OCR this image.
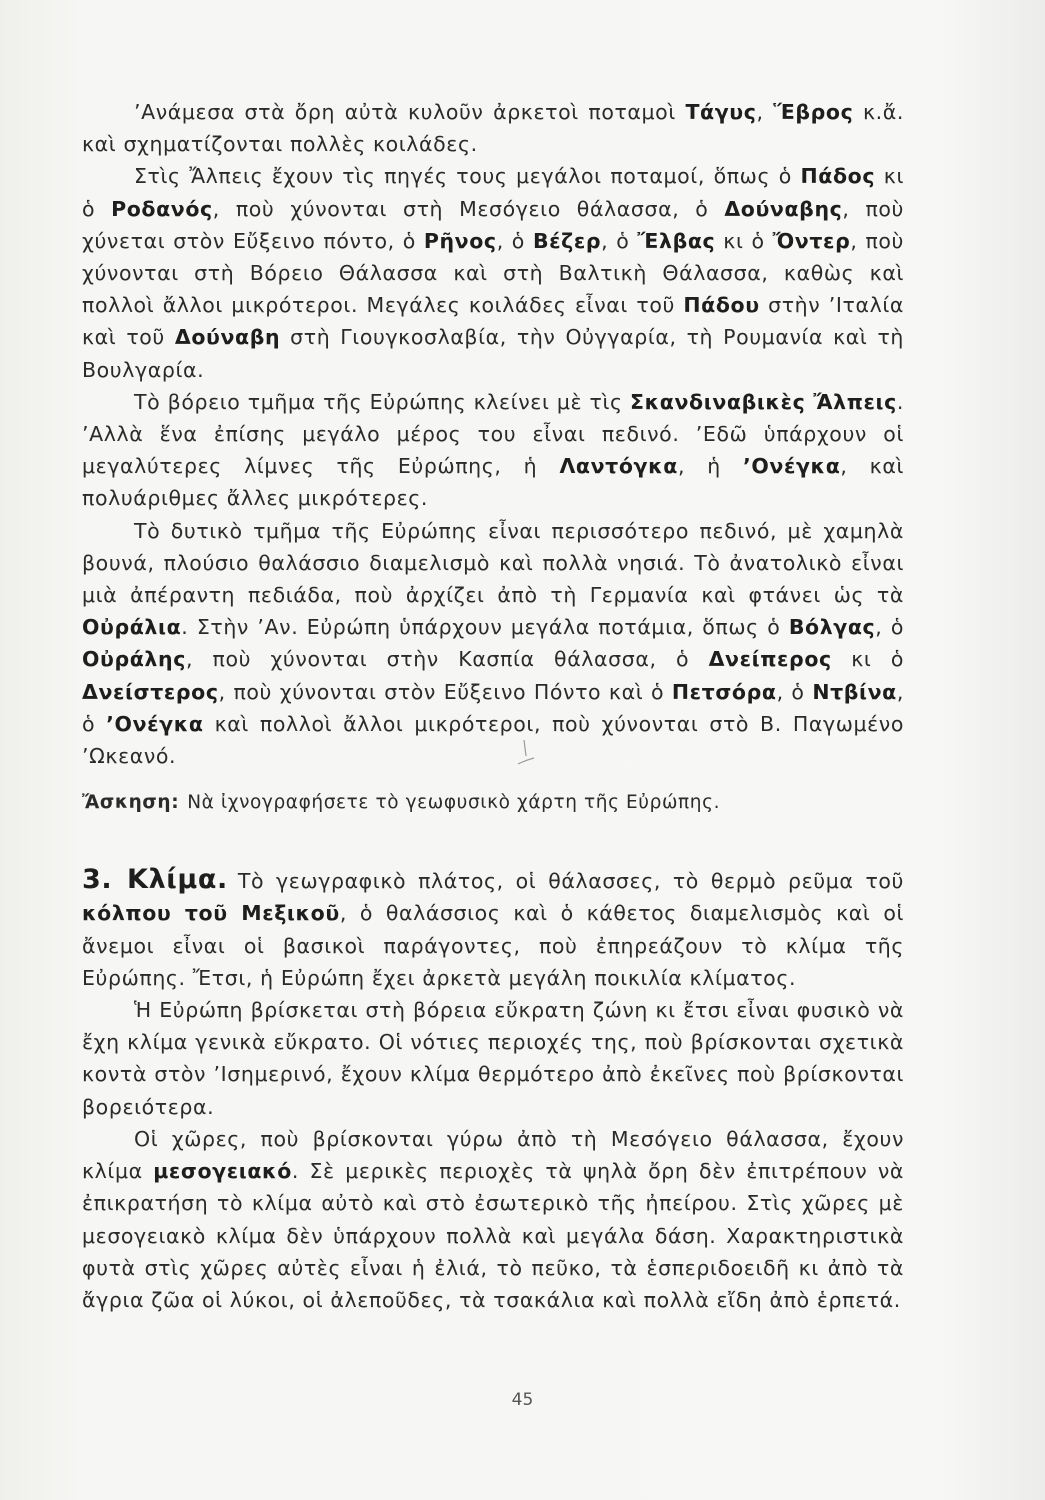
’Ανάμεσα στὰ ὄρη αὐτὰ κυλοῦν ἀρκετοὶ ποταμοὶ Τάγυς, Ἕβρος κ.ἄ. καὶ σχηματίζονται πολλὲς κοιλάδες.

Στὶς Ἄλπεις ἔχουν τὶς πηγές τους μεγάλοι ποταμοί, ὅπως ὁ Πάδος κι ὁ Ροδανός, ποὺ χύνονται στὴ Μεσόγειο θάλασσα, ὁ Δούναβης, ποὺ χύνεται στὸν Εὔξεινο πόντο, ὁ Ρῆνος, ὁ Βέζερ, ὁ Ἔλβας κι ὁ Ὄντερ, ποὺ χύνονται στὴ Βόρειο Θάλασσα καὶ στὴ Βαλτικὴ Θάλασσα, καθὼς καὶ πολλοὶ ἄλλοι μικρότεροι. Μεγάλες κοιλάδες εἶναι τοῦ Πάδου στὴν ’Ιταλία καὶ τοῦ Δούναβη στὴ Γιουγκοσλαβία, τὴν Οὐγγαρία, τὴ Ρουμανία καὶ τὴ Βουλγαρία.

Τὸ βόρειο τμῆμα τῆς Εὐρώπης κλείνει μὲ τὶς Σκανδιναβικὲς Ἄλπεις. ’Αλλὰ ἕνα ἐπίσης μεγάλο μέρος του εἶναι πεδινό. ’Εδῶ ὑπάρχουν οἱ μεγαλύτερες λίμνες τῆς Εὐρώπης, ἡ Λαντόγκα, ἡ ’Ονέγκα, καὶ πολυάριθμες ἄλλες μικρότερες.

Τὸ δυτικὸ τμῆμα τῆς Εὐρώπης εἶναι περισσότερο πεδινό, μὲ χαμηλὰ βουνά, πλούσιο θαλάσσιο διαμελισμὸ καὶ πολλὰ νησιά. Τὸ ἀνατολικὸ εἶναι μιὰ ἀπέραντη πεδιάδα, ποὺ ἀρχίζει ἀπὸ τὴ Γερμανία καὶ φτάνει ὡς τὰ Οὐράλια. Στὴν ’Αν. Εὐρώπη ὑπάρχουν μεγάλα ποτάμια, ὅπως ὁ Βόλγας, ὁ Οὐράλης, ποὺ χύνονται στὴν Κασπία θάλασσα, ὁ Δνείπερος κι ὁ Δνείστερος, ποὺ χύνονται στὸν Εὔξεινο Πόντο καὶ ὁ Πετσόρα, ὁ Ντβίνα, ὁ ’Ονέγκα καὶ πολλοὶ ἄλλοι μικρότεροι, ποὺ χύνονται στὸ Β. Παγωμένο ’Ωκεανό.

Ἄσκηση: Νὰ ἰχνογραφήσετε τὸ γεωφυσικὸ χάρτη τῆς Εὐρώπης.

3. Κλίμα. Τὸ γεωγραφικὸ πλάτος, οἱ θάλασσες, τὸ θερμὸ ρεῦμα τοῦ κόλπου τοῦ Μεξικοῦ, ὁ θαλάσσιος καὶ ὁ κάθετος διαμελισμὸς καὶ οἱ ἄνεμοι εἶναι οἱ βασικοὶ παράγοντες, ποὺ ἐπηρεάζουν τὸ κλίμα τῆς Εὐρώπης. Ἔτσι, ἡ Εὐρώπη ἔχει ἀρκετὰ μεγάλη ποικιλία κλίματος.

Ἡ Εὐρώπη βρίσκεται στὴ βόρεια εὔκρατη ζώνη κι ἔτσι εἶναι φυσικὸ νὰ ἔχη κλίμα γενικὰ εὔκρατο. Οἱ νότιες περιοχές της, ποὺ βρίσκονται σχετικὰ κοντὰ στὸν ’Ισημερινό, ἔχουν κλίμα θερμότερο ἀπὸ ἐκεῖνες ποὺ βρίσκονται βορειότερα.

Οἱ χῶρες, ποὺ βρίσκονται γύρω ἀπὸ τὴ Μεσόγειο θάλασσα, ἔχουν κλίμα μεσογειακό. Σὲ μερικὲς περιοχὲς τὰ ψηλὰ ὄρη δὲν ἐπιτρέπουν νὰ ἐπικρατήση τὸ κλίμα αὐτὸ καὶ στὸ ἐσωτερικὸ τῆς ἠπείρου. Στὶς χῶρες μὲ μεσογειακὸ κλίμα δὲν ὑπάρχουν πολλὰ καὶ μεγάλα δάση. Χαρακτηριστικὰ φυτὰ στὶς χῶρες αὐτὲς εἶναι ἡ ἐλιά, τὸ πεῦκο, τὰ ἑσπεριδοειδῆ κι ἀπὸ τὰ ἄγρια ζῶα οἱ λύκοι, οἱ ἀλεποῦδες, τὰ τσακάλια καὶ πολλὰ εἴδη ἀπὸ ἑρπετά.

45
